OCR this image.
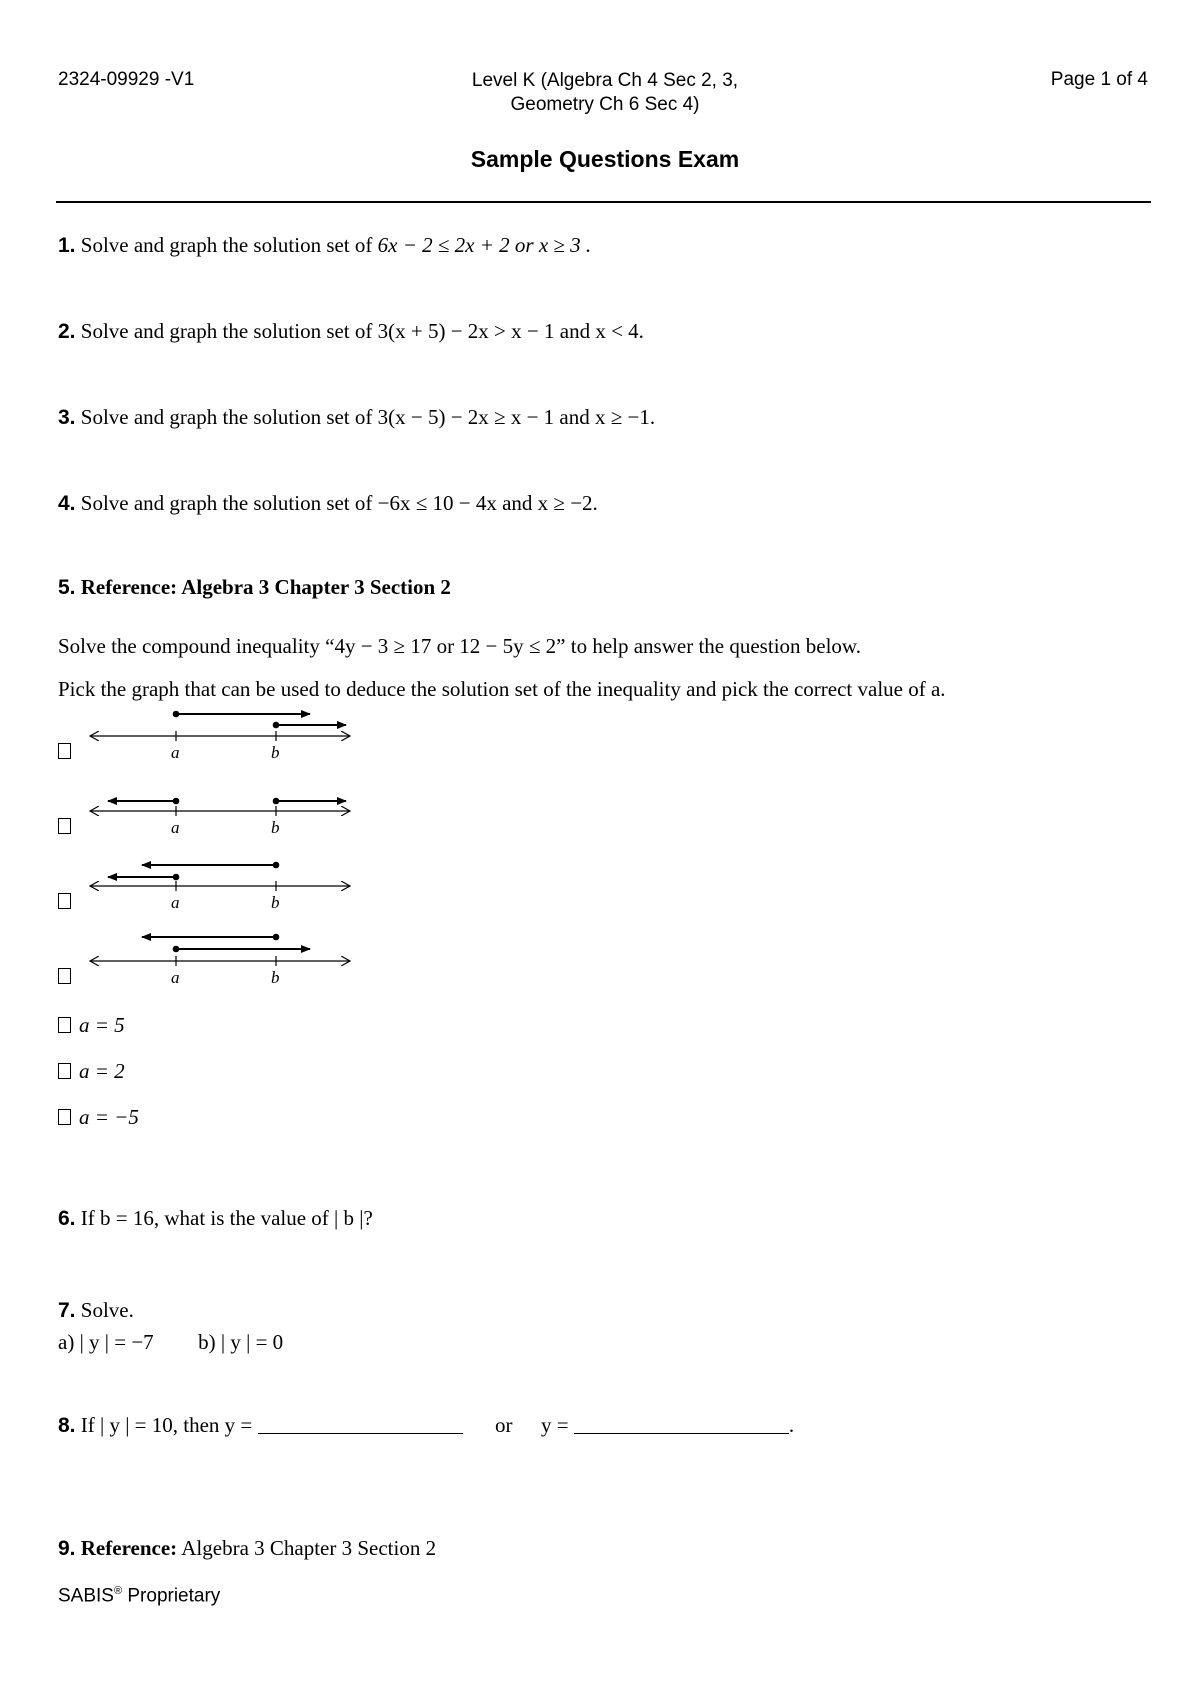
2324-09929 -V1	Level K (Algebra Ch 4 Sec 2, 3,
Geometry Ch 6 Sec 4)
Page 1 of 4
Sample Questions Exam
1. Solve and graph the solution set of 6x − 2 ≤ 2x + 2 or x ≥ 3 .
2. Solve and graph the solution set of 3(x + 5) − 2x > x − 1 and x < 4.
3. Solve and graph the solution set of 3(x − 5) − 2x ≥ x − 1 and x ≥ −1.
4. Solve and graph the solution set of −6x ≤ 10 − 4x and x ≥ −2.
5. Reference: Algebra 3 Chapter 3 Section 2
Solve the compound inequality “4y − 3 ≥ 17 or 12 − 5y ≤ 2” to help answer the question below.
Pick the graph that can be used to deduce the solution set of the inequality and pick the correct value of a.
a	b
a	b
a	b
a	b
a = 5
a = 2
a = −5
6. If b = 16, what is the value of | b |?
7. Solve.
a) | y | = −7 b) | y | = 0
8. If | y | = 10, then y =	or y =	.
9. Reference: Algebra 3 Chapter 3 Section 2
SABIS® Proprietary
